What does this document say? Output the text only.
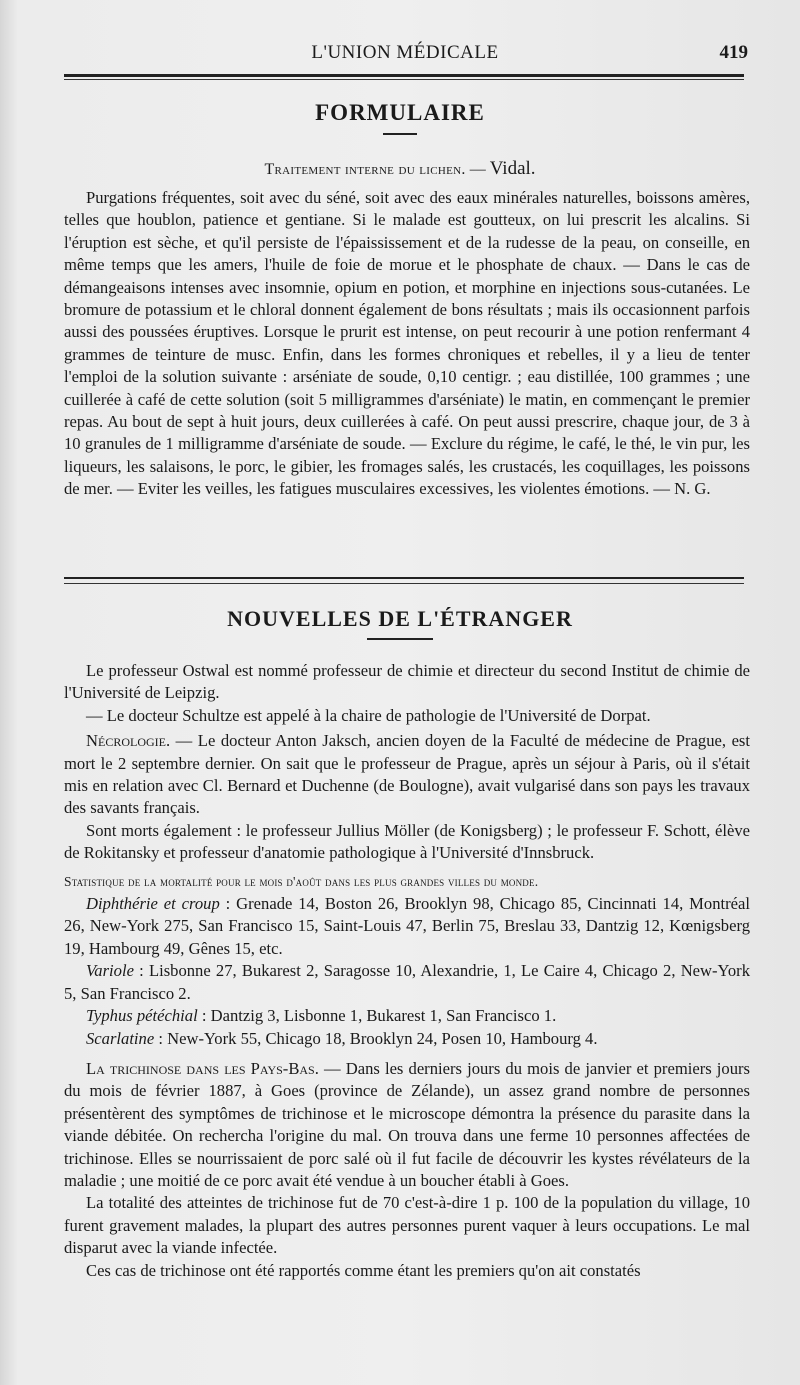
L'UNION MÉDICALE	419
FORMULAIRE
Traitement interne du lichen. — Vidal.

Purgations fréquentes, soit avec du séné, soit avec des eaux minérales naturelles, boissons amères, telles que houblon, patience et gentiane. Si le malade est goutteux, on lui prescrit les alcalins. Si l'éruption est sèche, et qu'il persiste de l'épaississement et de la rudesse de la peau, on conseille, en même temps que les amers, l'huile de foie de morue et le phosphate de chaux. — Dans le cas de démangeaisons intenses avec insomnie, opium en potion, et morphine en injections sous-cutanées. Le bromure de potassium et le chloral donnent également de bons résultats ; mais ils occasionnent parfois aussi des poussées éruptives. Lorsque le prurit est intense, on peut recourir à une potion renfermant 4 grammes de teinture de musc. Enfin, dans les formes chroniques et rebelles, il y a lieu de tenter l'emploi de la solution suivante : arséniate de soude, 0,10 centigr. ; eau distillée, 100 grammes ; une cuillerée à café de cette solution (soit 5 milligrammes d'arséniate) le matin, en commençant le premier repas. Au bout de sept à huit jours, deux cuillerées à café. On peut aussi prescrire, chaque jour, de 3 à 10 granules de 1 milligramme d'arséniate de soude. — Exclure du régime, le café, le thé, le vin pur, les liqueurs, les salaisons, le porc, le gibier, les fromages salés, les crustacés, les coquillages, les poissons de mer. — Eviter les veilles, les fatigues musculaires excessives, les violentes émotions. — N. G.

NOUVELLES DE L'ÉTRANGER

Le professeur Ostwal est nommé professeur de chimie et directeur du second Institut de chimie de l'Université de Leipzig.

— Le docteur Schultze est appelé à la chaire de pathologie de l'Université de Dorpat.

Nécrologie. — Le docteur Anton Jaksch, ancien doyen de la Faculté de médecine de Prague, est mort le 2 septembre dernier. On sait que le professeur de Prague, après un séjour à Paris, où il s'était mis en relation avec Cl. Bernard et Duchenne (de Boulogne), avait vulgarisé dans son pays les travaux des savants français.

Sont morts également : le professeur Jullius Möller (de Konigsberg) ; le professeur F. Schott, élève de Rokitansky et professeur d'anatomie pathologique à l'Université d'Innsbruck.

Statistique de la mortalité pour le mois d'août dans les plus grandes villes du monde.

Diphthérie et croup : Grenade 14, Boston 26, Brooklyn 98, Chicago 85, Cincinnati 14, Montréal 26, New-York 275, San Francisco 15, Saint-Louis 47, Berlin 75, Breslau 33, Dantzig 12, Kœnigsberg 19, Hambourg 49, Gênes 15, etc.

Variole : Lisbonne 27, Bukarest 2, Saragosse 10, Alexandrie, 1, Le Caire 4, Chicago 2, New-York 5, San Francisco 2.

Typhus pétéchial : Dantzig 3, Lisbonne 1, Bukarest 1, San Francisco 1.

Scarlatine : New-York 55, Chicago 18, Brooklyn 24, Posen 10, Hambourg 4.

La trichinose dans les Pays-Bas. — Dans les derniers jours du mois de janvier et premiers jours du mois de février 1887, à Goes (province de Zélande), un assez grand nombre de personnes présentèrent des symptômes de trichinose et le microscope démontra la présence du parasite dans la viande débitée. On rechercha l'origine du mal. On trouva dans une ferme 10 personnes affectées de trichinose. Elles se nourrissaient de porc salé où il fut facile de découvrir les kystes révélateurs de la maladie ; une moitié de ce porc avait été vendue à un boucher établi à Goes.

La totalité des atteintes de trichinose fut de 70 c'est-à-dire 1 p. 100 de la population du village, 10 furent gravement malades, la plupart des autres personnes purent vaquer à leurs occupations. Le mal disparut avec la viande infectée.

Ces cas de trichinose ont été rapportés comme étant les premiers qu'on ait constatés
